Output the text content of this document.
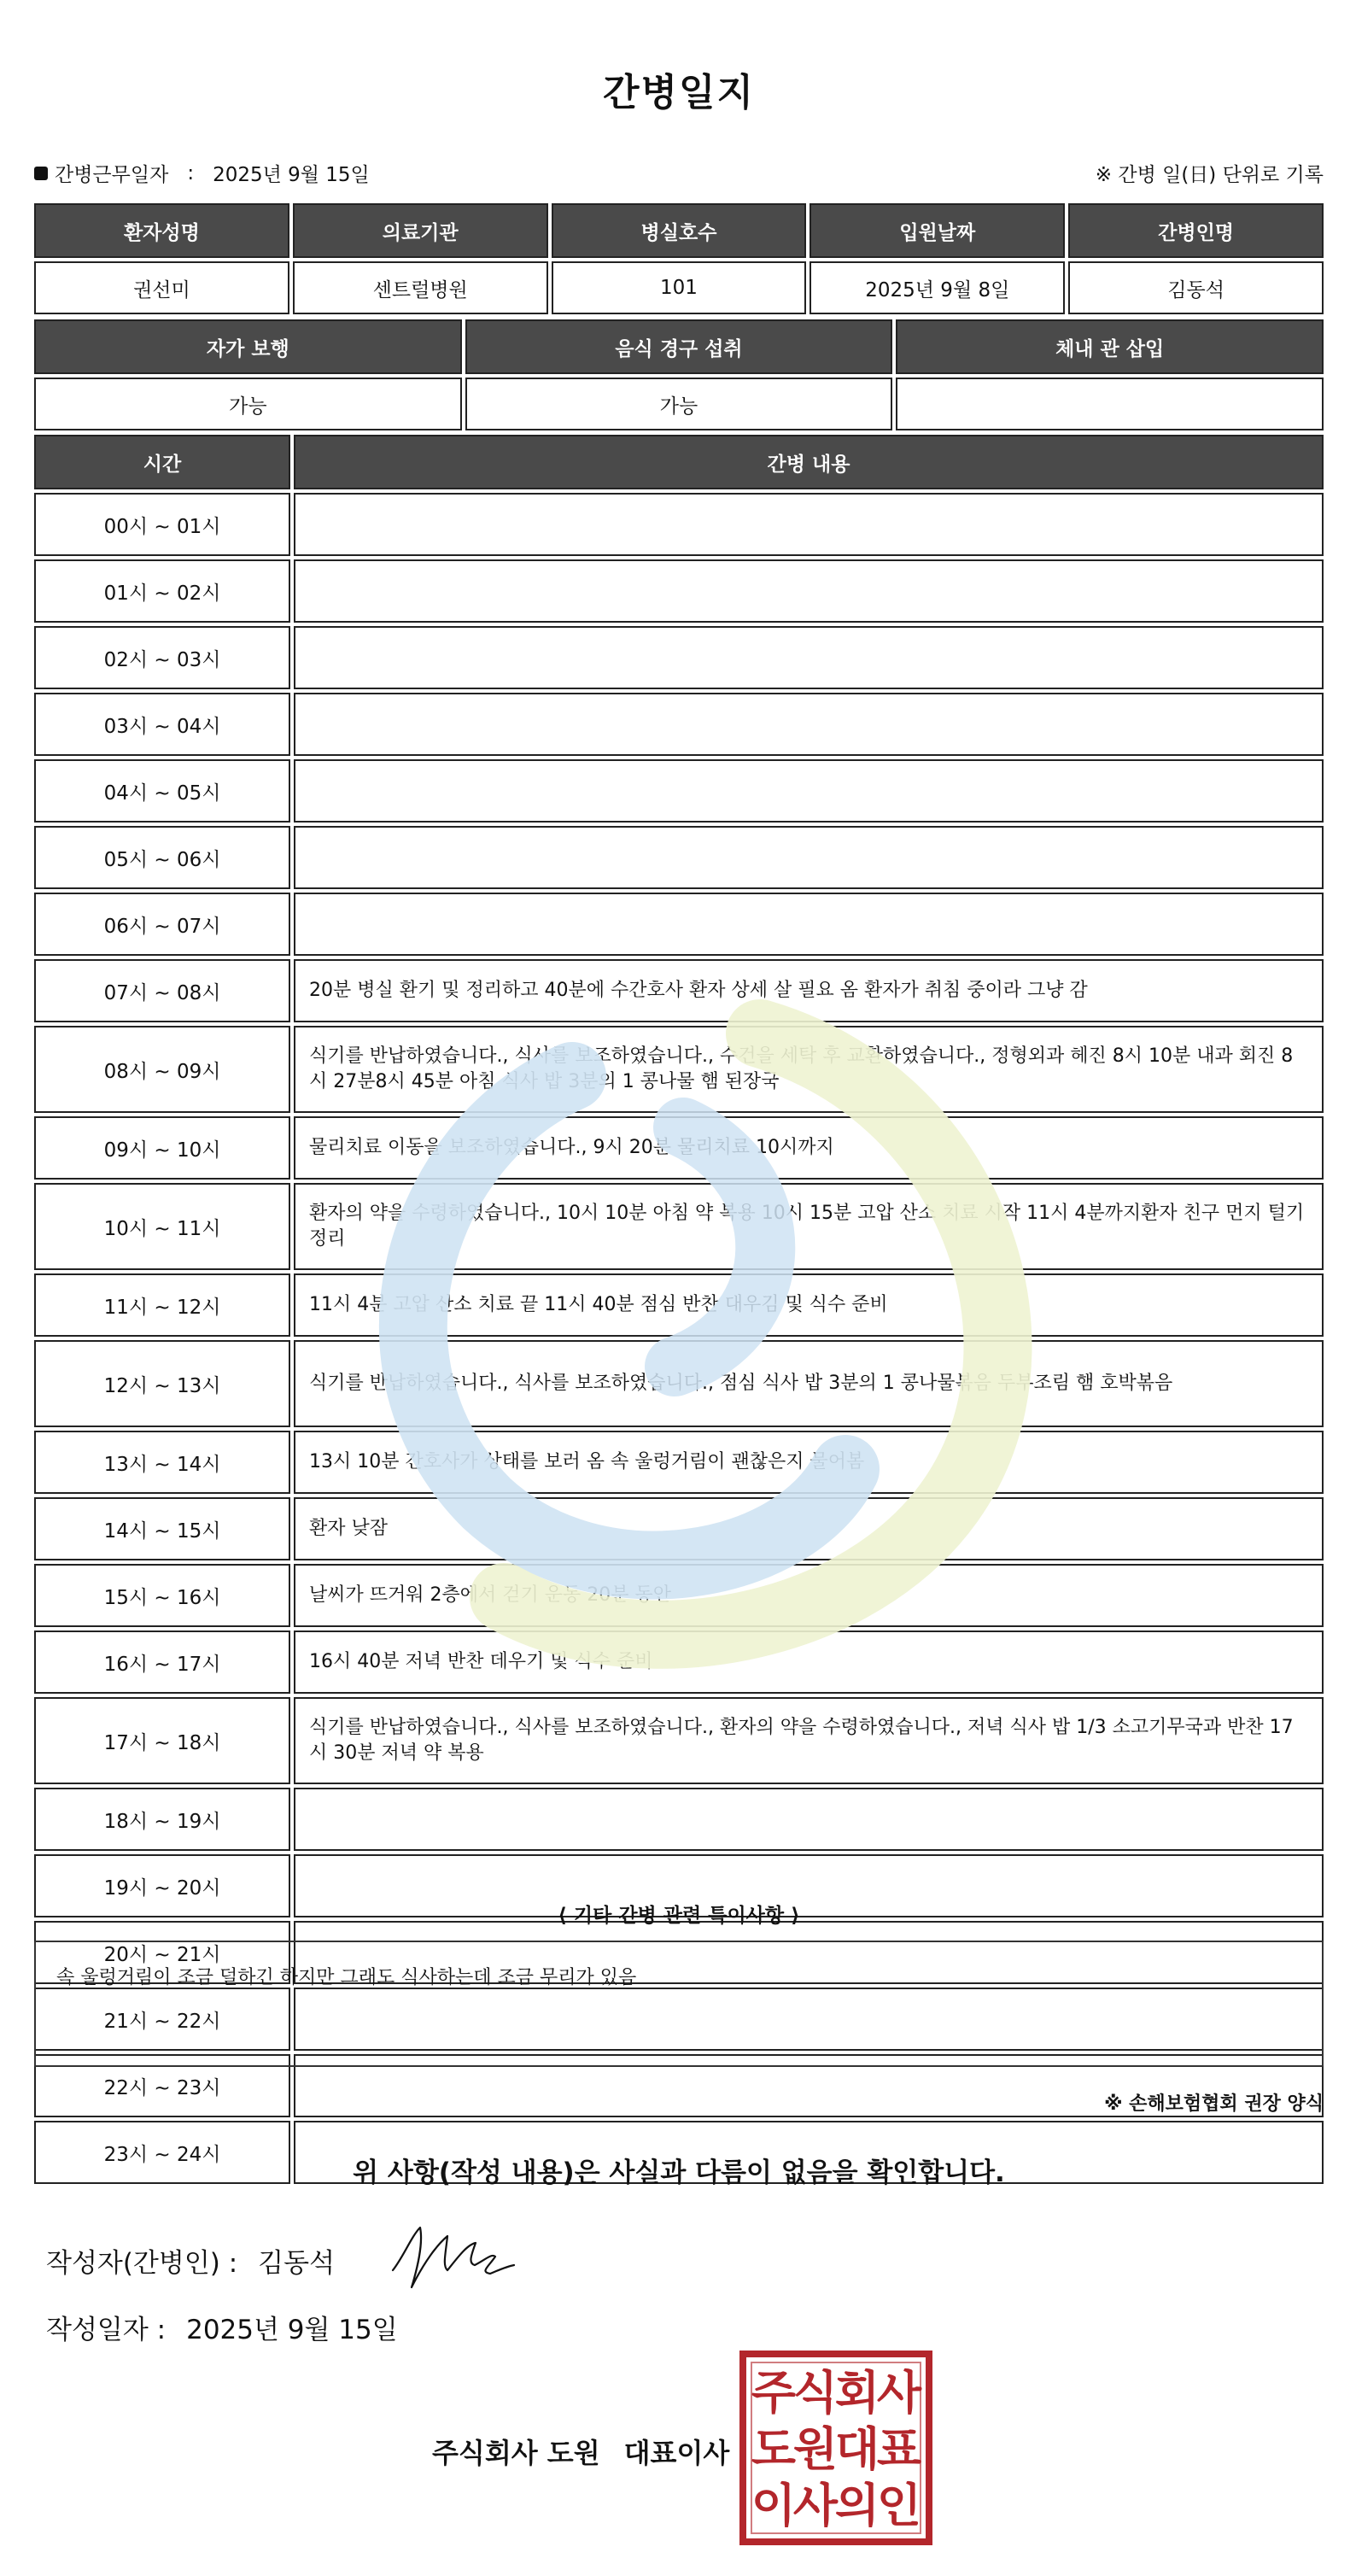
간병일지
간병근무일자 : 2025년 9월 15일	※ 간병 일(日) 단위로 기록
환자성명	의료기관	병실호수	입원날짜	간병인명
권선미	센트럴병원	101	2025년 9월 8일	김동석
자가 보행	음식 경구 섭취	체내 관 삽입
가능	가능	
시간	간병 내용
00시 ~ 01시	
01시 ~ 02시	
02시 ~ 03시	
03시 ~ 04시	
04시 ~ 05시	
05시 ~ 06시	
06시 ~ 07시	
07시 ~ 08시	20분 병실 환기 및 정리하고 40분에 수간호사 환자 상세 살 필요 옴 환자가 취침 중이라 그냥 감
08시 ~ 09시	식기를 반납하였습니다., 식사를 보조하였습니다., 수건을 세탁 후 교환하였습니다., 정형외과 헤진 8시 10분 내과 회진 8시 27분8시 45분 아침 식사 밥 3분의 1 콩나물 햄 된장국
09시 ~ 10시	물리치료 이동을 보조하였습니다., 9시 20분 물리치료 10시까지
10시 ~ 11시	환자의 약을 수령하였습니다., 10시 10분 아침 약 복용 10시 15분 고압 산소 치료 시작 11시 4분까지환자 친구 먼지 털기 정리
11시 ~ 12시	11시 4분 고압 산소 치료 끝 11시 40분 점심 반찬 대우김 및 식수 준비
12시 ~ 13시	식기를 반납하였습니다., 식사를 보조하였습니다., 점심 식사 밥 3분의 1 콩나물볶음 두부조림 햄 호박볶음
13시 ~ 14시	13시 10분 간호사가 상태를 보러 옴 속 울렁거림이 괜찮은지 물어봄
14시 ~ 15시	환자 낮잠
15시 ~ 16시	날씨가 뜨거워 2층에서 걷기 운동 20분 동안
16시 ~ 17시	16시 40분 저녁 반찬 데우기 및 식수 준비
17시 ~ 18시	식기를 반납하였습니다., 식사를 보조하였습니다., 환자의 약을 수령하였습니다., 저녁 식사 밥 1/3 소고기무국과 반찬 17시 30분 저녁 약 복용
18시 ~ 19시	
19시 ~ 20시	
20시 ~ 21시	
21시 ~ 22시	
22시 ~ 23시	
23시 ~ 24시	
⟨ 기타 간병 관련 특이사항 ⟩
속 울렁거림이 조금 덜하긴 하지만 그래도 식사하는데 조금 무리가 있음
※ 손해보험협회 권장 양식
위 사항(작성 내용)은 사실과 다름이 없음을 확인합니다.
작성자(간병인) : 김동석
작성일자 : 2025년 9월 15일
주식회사 도원 대표이사
주
식
회
사
도
원
대
표
이
사
의
인
